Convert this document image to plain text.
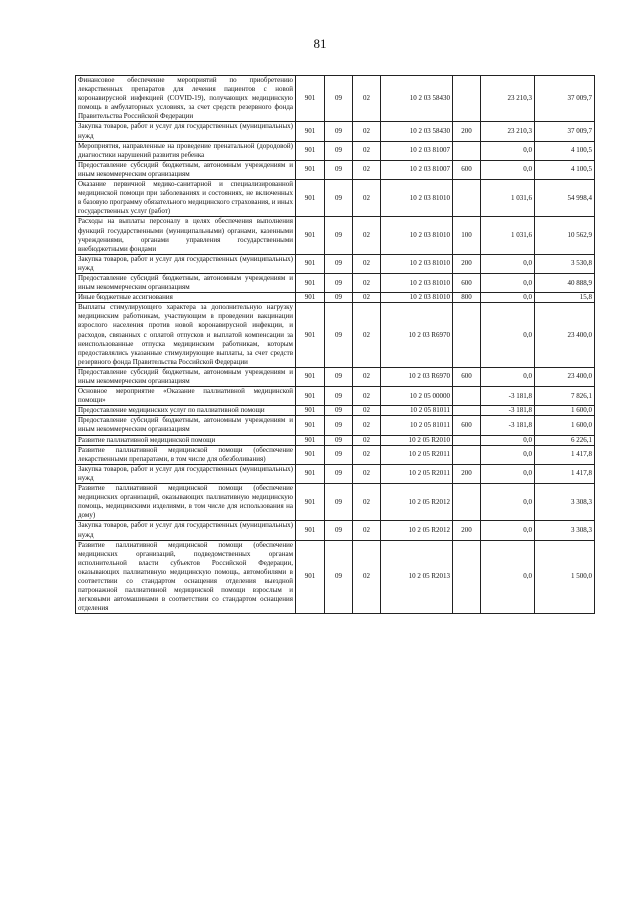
81
Финансовое обеспечение мероприятий по приобретению лекарственных препаратов для лечения пациентов с новой коронавирусной инфекцией (COVID-19), получающих медицинскую помощь в амбулаторных условиях, за счет средств резервного фонда Правительства Российской Федерации	901	09	02	10 2 03 58430		23 210,3	37 009,7
Закупка товаров, работ и услуг для государственных (муниципальных) нужд	901	09	02	10 2 03 58430	200	23 210,3	37 009,7
Мероприятия, направленные на проведение пренатальной (дородовой) диагностики нарушений развития ребенка	901	09	02	10 2 03 81007		0,0	4 100,5
Предоставление субсидий бюджетным, автономным учреждениям и иным некоммерческим организациям	901	09	02	10 2 03 81007	600	0,0	4 100,5
Оказание первичной медико-санитарной и специализированной медицинской помощи при заболеваниях и состояниях, не включенных в базовую программу обязательного медицинского страхования, и иных государственных услуг (работ)	901	09	02	10 2 03 81010		1 031,6	54 998,4
Расходы на выплаты персоналу в целях обеспечения выполнения функций государственными (муниципальными) органами, казенными учреждениями, органами управления государственными внебюджетными фондами	901	09	02	10 2 03 81010	100	1 031,6	10 562,9
Закупка товаров, работ и услуг для государственных (муниципальных) нужд	901	09	02	10 2 03 81010	200	0,0	3 530,8
Предоставление субсидий бюджетным, автономным учреждениям и иным некоммерческим организациям	901	09	02	10 2 03 81010	600	0,0	40 888,9
Иные бюджетные ассигнования	901	09	02	10 2 03 81010	800	0,0	15,8
Выплаты стимулирующего характера за дополнительную нагрузку медицинским работникам, участвующим в проведении вакцинации взрослого населения против новой коронавирусной инфекции, и расходов, связанных с оплатой отпусков и выплатой компенсации за неиспользованные отпуска медицинским работникам, которым предоставлялись указанные стимулирующие выплаты, за счет средств резервного фонда Правительства Российской Федерации	901	09	02	10 2 03 R6970		0,0	23 400,0
Предоставление субсидий бюджетным, автономным учреждениям и иным некоммерческим организациям	901	09	02	10 2 03 R6970	600	0,0	23 400,0
Основное мероприятие «Оказание паллиативной медицинской помощи»	901	09	02	10 2 05 00000		-3 181,8	7 826,1
Предоставление медицинских услуг по паллиативной помощи	901	09	02	10 2 05 81011		-3 181,8	1 600,0
Предоставление субсидий бюджетным, автономным учреждениям и иным некоммерческим организациям	901	09	02	10 2 05 81011	600	-3 181,8	1 600,0
Развитие паллиативной медицинской помощи	901	09	02	10 2 05 R2010		0,0	6 226,1
Развитие паллиативной медицинской помощи (обеспечение лекарственными препаратами, в том числе для обезболивания)	901	09	02	10 2 05 R2011		0,0	1 417,8
Закупка товаров, работ и услуг для государственных (муниципальных) нужд	901	09	02	10 2 05 R2011	200	0,0	1 417,8
Развитие паллиативной медицинской помощи (обеспечение медицинских организаций, оказывающих паллиативную медицинскую помощь, медицинскими изделиями, в том числе для использования на дому)	901	09	02	10 2 05 R2012		0,0	3 308,3
Закупка товаров, работ и услуг для государственных (муниципальных) нужд	901	09	02	10 2 05 R2012	200	0,0	3 308,3
Развитие паллиативной медицинской помощи (обеспечение медицинских организаций, подведомственных органам исполнительной власти субъектов Российской Федерации, оказывающих паллиативную медицинскую помощь, автомобилями в соответствии со стандартом оснащения отделения выездной патронажной паллиативной медицинской помощи взрослым и легковыми автомашинами в соответствии со стандартом оснащения отделения	901	09	02	10 2 05 R2013		0,0	1 500,0
